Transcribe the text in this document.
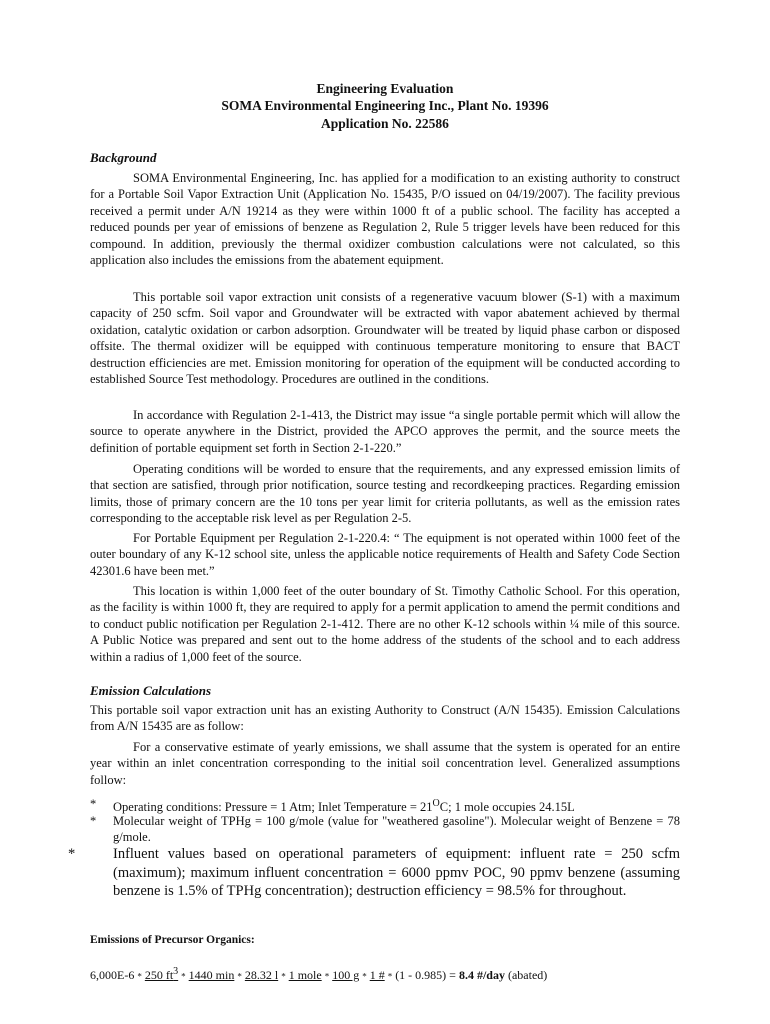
Engineering Evaluation
SOMA Environmental Engineering Inc., Plant No. 19396
Application No. 22586
Background

SOMA Environmental Engineering, Inc. has applied for a modification to an existing authority to construct for a Portable Soil Vapor Extraction Unit (Application No. 15435, P/O issued on 04/19/2007). The facility previous received a permit under A/N 19214 as they were within 1000 ft of a public school. The facility has accepted a reduced pounds per year of emissions of benzene as Regulation 2, Rule 5 trigger levels have been reduced for this compound. In addition, previously the thermal oxidizer combustion calculations were not calculated, so this application also includes the emissions from the abatement equipment.

This portable soil vapor extraction unit consists of a regenerative vacuum blower (S-1) with a maximum capacity of 250 scfm. Soil vapor and Groundwater will be extracted with vapor abatement achieved by thermal oxidation, catalytic oxidation or carbon adsorption. Groundwater will be treated by liquid phase carbon or disposed offsite. The thermal oxidizer will be equipped with continuous temperature monitoring to ensure that BACT destruction efficiencies are met. Emission monitoring for operation of the equipment will be conducted according to established Source Test methodology. Procedures are outlined in the conditions.

In accordance with Regulation 2-1-413, the District may issue “a single portable permit which will allow the source to operate anywhere in the District, provided the APCO approves the permit, and the source meets the definition of portable equipment set forth in Section 2-1-220.”

Operating conditions will be worded to ensure that the requirements, and any expressed emission limits of that section are satisfied, through prior notification, source testing and recordkeeping practices. Regarding emission limits, those of primary concern are the 10 tons per year limit for criteria pollutants, as well as the emission rates corresponding to the acceptable risk level as per Regulation 2-5.

For Portable Equipment per Regulation 2-1-220.4: “ The equipment is not operated within 1000 feet of the outer boundary of any K-12 school site, unless the applicable notice requirements of Health and Safety Code Section 42301.6 have been met.”

This location is within 1,000 feet of the outer boundary of St. Timothy Catholic School. For this operation, as the facility is within 1000 ft, they are required to apply for a permit application to amend the permit conditions and to conduct public notification per Regulation 2-1-412. There are no other K-12 schools within ¼ mile of this source. A Public Notice was prepared and sent out to the home address of the students of the school and to each address within a radius of 1,000 feet of the source.

Emission Calculations

This portable soil vapor extraction unit has an existing Authority to Construct (A/N 15435). Emission Calculations from A/N 15435 are as follow:

For a conservative estimate of yearly emissions, we shall assume that the system is operated for an entire year within an inlet concentration corresponding to the initial soil concentration level. Generalized assumptions follow:

* Operating conditions: Pressure = 1 Atm; Inlet Temperature = $21^OC$; 1 mole occupies 24.15L
* Molecular weight of TPHg = 100 g/mole (value for "weathered gasoline"). Molecular weight of Benzene = 78 g/mole.
*	Influent values based on operational parameters of equipment: influent rate = 250 scfm (maximum); maximum influent concentration = 6000 ppmv POC, 90 ppmv benzene (assuming benzene is 1.5% of TPHg concentration); destruction efficiency = 98.5% for throughout.
Emissions of Precursor Organics:
6,000E-6 * 250 $ft^3 * 1440$ min * 28.32 l * 1 mole * 100 g * 1 # * (1 - 0.985) = 8.4 #/day (abated)
